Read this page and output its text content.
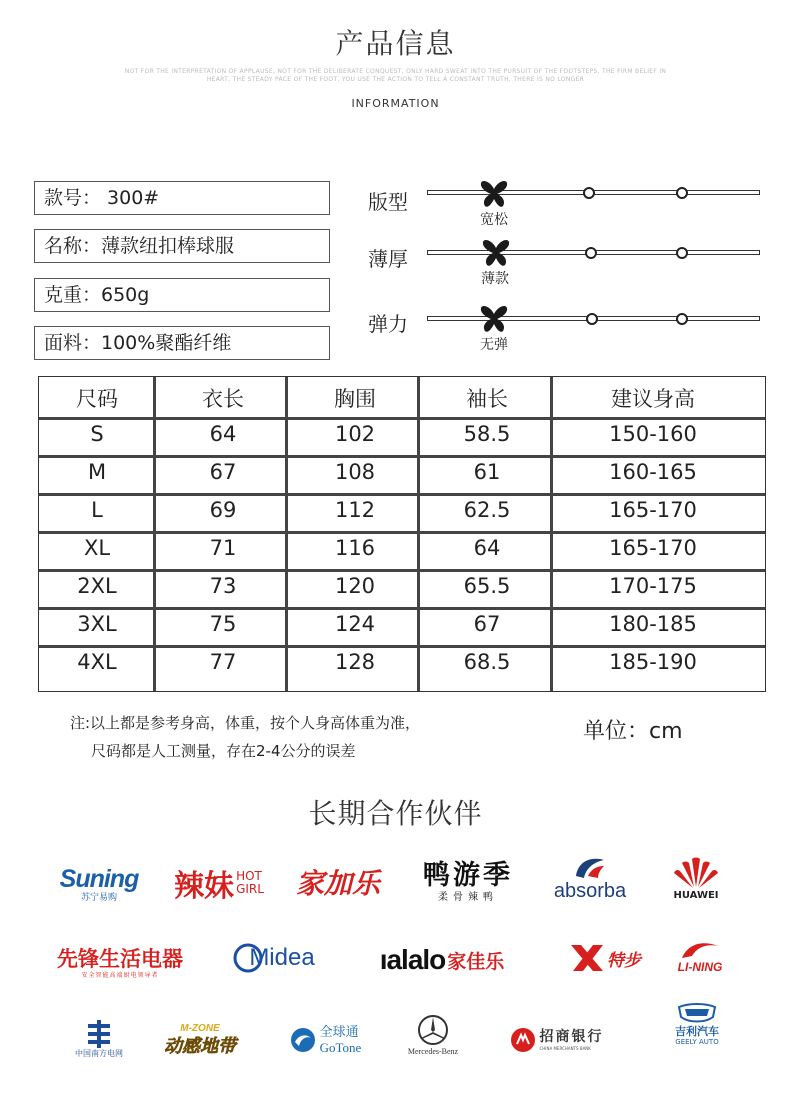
产品信息
NOT FOR THE INTERPRETATION OF APPLAUSE, NOT FOR THE DELIBERATE CONQUEST, ONLY HARD SWEAT INTO THE PURSUIT OF THE FOOTSTEPS, THE FIRM BELIEF IN
HEART, THE STEADY PACE OF THE FOOT, YOU USE THE ACTION TO TELL A CONSTANT TRUTH, THERE IS NO LONGER
INFORMATION
款号： 300#
名称：薄款纽扣棒球服
克重：650g
面料：100%聚酯纤维
版型
宽松
薄厚
薄款
弹力
无弹
尺码	衣长	胸围	袖长	建议身高
S	64	102	58.5	150-160
M	67	108	61	160-165
L	69	112	62.5	165-170
XL	71	116	64	165-170
2XL	73	120	65.5	170-175
3XL	75	124	67	180-185
4XL	77	128	68.5	185-190
注:以上都是参考身高，体重，按个人身高体重为准，
尺码都是人工测量，存在2-4公分的误差
单位：cm
长期合作伙伴
Suning
苏宁易购 辣妹 HOT
GIRL 家加乐 鸭游季
柔骨辣鸭	absorba	HUAWEI
先锋生活电器
安全智能高端厨电领导者
Midea ıalalo 家佳乐	特步	LI-NING
中国南方电网
M-ZONE
动感地带
全球通
GoTone	Mercedes-Benz
招商银行
CHINA MERCHANTS BANK
吉利汽车
GEELY AUTO
